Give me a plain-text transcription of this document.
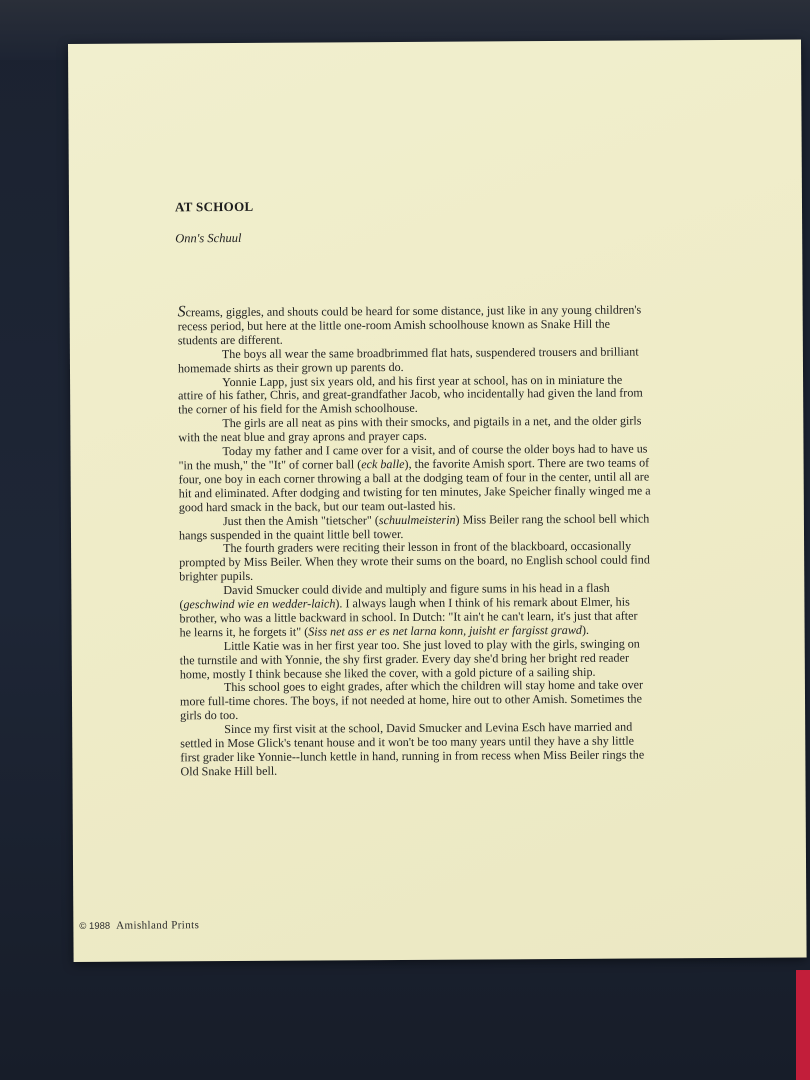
AT SCHOOL
Onn's Schuul

Screams, giggles, and shouts could be heard for some distance, just like in any young children's recess period, but here at the little one-room Amish schoolhouse known as Snake Hill the students are different.

The boys all wear the same broadbrimmed flat hats, suspendered trousers and brilliant homemade shirts as their grown up parents do.

Yonnie Lapp, just six years old, and his first year at school, has on in miniature the attire of his father, Chris, and great-grandfather Jacob, who incidentally had given the land from the corner of his field for the Amish schoolhouse.

The girls are all neat as pins with their smocks, and pigtails in a net, and the older girls with the neat blue and gray aprons and prayer caps.

Today my father and I came over for a visit, and of course the older boys had to have us "in the mush," the "It" of corner ball (eck balle), the favorite Amish sport. There are two teams of four, one boy in each corner throwing a ball at the dodging team of four in the center, until all are hit and eliminated. After dodging and twisting for ten minutes, Jake Speicher finally winged me a good hard smack in the back, but our team out-lasted his.

Just then the Amish "tietscher" (schuulmeisterin) Miss Beiler rang the school bell which hangs suspended in the quaint little bell tower.

The fourth graders were reciting their lesson in front of the blackboard, occasionally prompted by Miss Beiler. When they wrote their sums on the board, no English school could find brighter pupils.

David Smucker could divide and multiply and figure sums in his head in a flash (geschwind wie en wedder-laich). I always laugh when I think of his remark about Elmer, his brother, who was a little backward in school. In Dutch: "It ain't he can't learn, it's just that after he learns it, he forgets it" (Siss net ass er es net larna konn, juisht er fargisst grawd).

Little Katie was in her first year too. She just loved to play with the girls, swinging on the turnstile and with Yonnie, the shy first grader. Every day she'd bring her bright red reader home, mostly I think because she liked the cover, with a gold picture of a sailing ship.

This school goes to eight grades, after which the children will stay home and take over more full-time chores. The boys, if not needed at home, hire out to other Amish. Sometimes the girls do too.

Since my first visit at the school, David Smucker and Levina Esch have married and settled in Mose Glick's tenant house and it won't be too many years until they have a shy little first grader like Yonnie--lunch kettle in hand, running in from recess when Miss Beiler rings the Old Snake Hill bell.

© 1988 Amishland Prints
